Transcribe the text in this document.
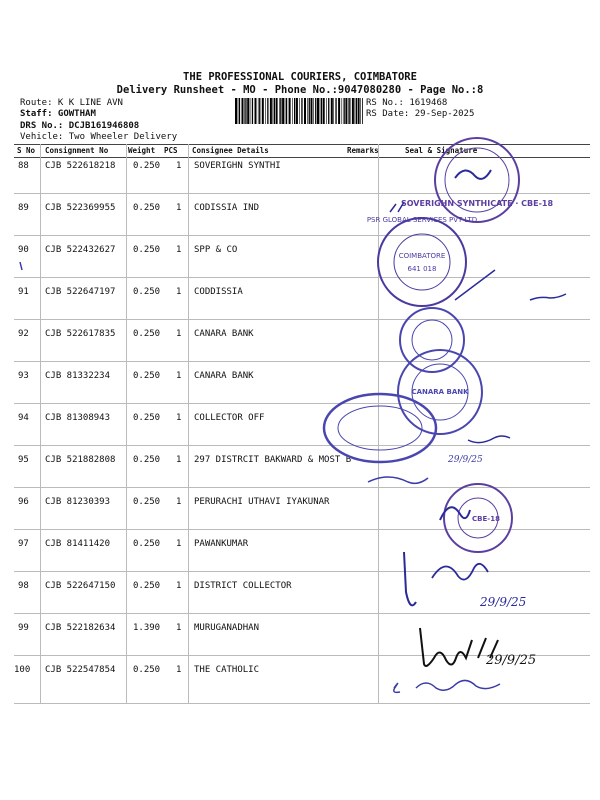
THE PROFESSIONAL COURIERS, COIMBATORE
Delivery Runsheet - MO - Phone No.:9047080280 - Page No.:8
Route: K K LINE AVN
Staff: GOWTHAM
DRS No.: DCJB161946808
Vehicle: Two Wheeler Delivery
RS No.: 1619468
RS Date: 29-Sep-2025
S No Consignment No	Weight PCS Consignee Details	Remarks	Seal & Signature
88 CJB 522618218 0.250 1 SOVERIGHN SYNTHI
89 CJB 522369955 0.250 1 CODISSIA IND
90 CJB 522432627 0.250 1 SPP & CO
91 CJB 522647197 0.250 1 CODDISSIA
92 CJB 522617835 0.250 1 CANARA BANK
93 CJB 81332234	0.250 1 CANARA BANK
94 CJB 81308943	0.250 1 COLLECTOR OFF
95 CJB 521882808 0.250 1 297 DISTRCIT BAKWARD & MOST B
96 CJB 81230393	0.250 1 PERURACHI UTHAVI IYAKUNAR
97 CJB 81411420	0.250 1 PAWANKUMAR
98 CJB 522647150 0.250 1 DISTRICT COLLECTOR
99 CJB 522182634 1.390 1 MURUGANADHAN
100 CJB 522547854 0.250 1 THE CATHOLIC
SOVERIGHN SYNTHICATE · CBE-18
COIMBATORE
641 018
PSR GLOBAL SERVICES PVT LTD
CANARA BANK
29/9/25
CBE-18
29/9/25
29/9/25
